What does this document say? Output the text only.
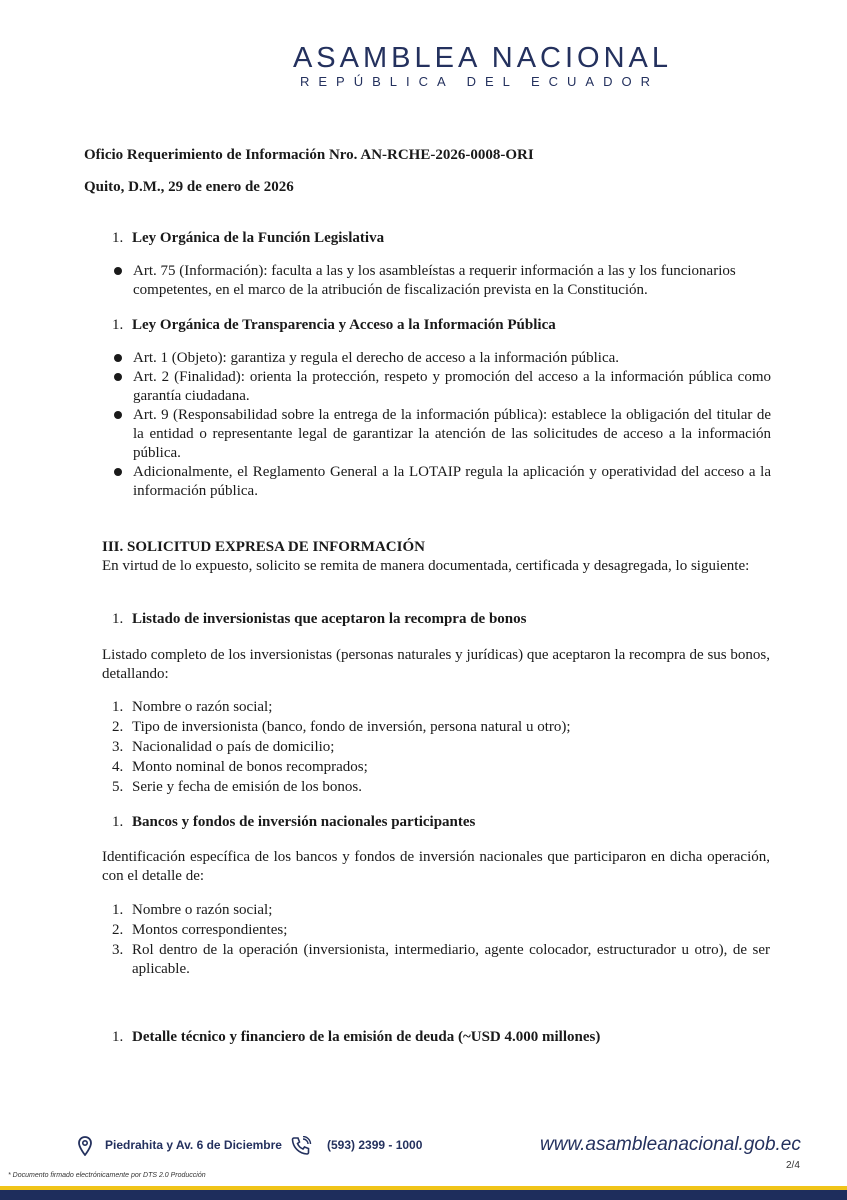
ASAMBLEA NACIONAL
REPÚBLICA DEL ECUADOR
Oficio Requerimiento de Información Nro. AN-RCHE-2026-0008-ORI
Quito, D.M., 29 de enero de 2026
1. Ley Orgánica de la Función Legislativa
Art. 75 (Información): faculta a las y los asambleístas a requerir información a las y los funcionarios
competentes, en el marco de la atribución de fiscalización prevista en la Constitución.
1. Ley Orgánica de Transparencia y Acceso a la Información Pública
Art. 1 (Objeto): garantiza y regula el derecho de acceso a la información pública.
Art. 2 (Finalidad): orienta la protección, respeto y promoción del acceso a la información pública como garantía ciudadana.
Art. 9 (Responsabilidad sobre la entrega de la información pública): establece la obligación del titular de la entidad o representante legal de garantizar la atención de las solicitudes de acceso a la información pública.
Adicionalmente, el Reglamento General a la LOTAIP regula la aplicación y operatividad del acceso a la información pública.
III. SOLICITUD EXPRESA DE INFORMACIÓN
En virtud de lo expuesto, solicito se remita de manera documentada, certificada y desagregada, lo siguiente:
1. Listado de inversionistas que aceptaron la recompra de bonos
Listado completo de los inversionistas (personas naturales y jurídicas) que aceptaron la recompra de sus bonos, detallando:
1. Nombre o razón social;
2. Tipo de inversionista (banco, fondo de inversión, persona natural u otro);
3. Nacionalidad o país de domicilio;
4. Monto nominal de bonos recomprados;
5. Serie y fecha de emisión de los bonos.
1. Bancos y fondos de inversión nacionales participantes
Identificación específica de los bancos y fondos de inversión nacionales que participaron en dicha operación, con el detalle de:
1. Nombre o razón social;
2. Montos correspondientes;
3. Rol dentro de la operación (inversionista, intermediario, agente colocador, estructurador u otro), de ser aplicable.
1. Detalle técnico y financiero de la emisión de deuda (~USD 4.000 millones)
Piedrahita y Av. 6 de Diciembre	(593) 2399 - 1000	www.asambleanacional.gob.ec
* Documento firmado electrónicamente por DTS 2.0 Producción
2/4
